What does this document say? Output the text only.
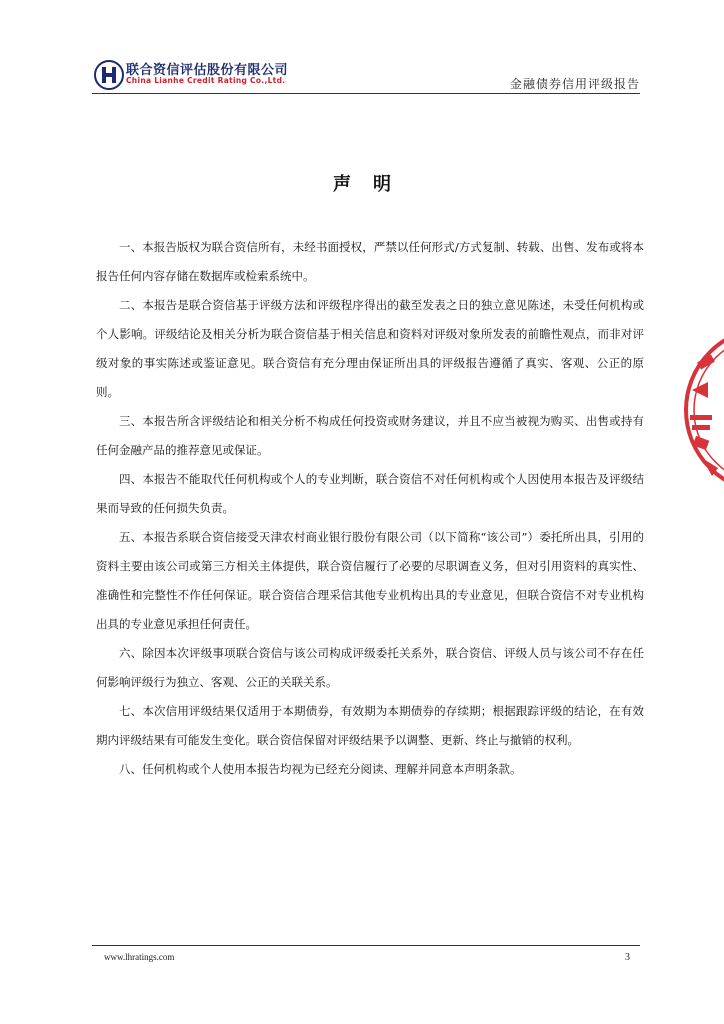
联合资信评估股份有限公司
China Lianhe Credit Rating Co.,Ltd.	金融债券信用评级报告
声明

一、本报告版权为联合资信所有，未经书面授权，严禁以任何形式/方式复制、转载、出售、发布或将本报告任何内容存储在数据库或检索系统中。

二、本报告是联合资信基于评级方法和评级程序得出的截至发表之日的独立意见陈述，未受任何机构或个人影响。评级结论及相关分析为联合资信基于相关信息和资料对评级对象所发表的前瞻性观点，而非对评级对象的事实陈述或鉴证意见。联合资信有充分理由保证所出具的评级报告遵循了真实、客观、公正的原则。

三、本报告所含评级结论和相关分析不构成任何投资或财务建议，并且不应当被视为购买、出售或持有任何金融产品的推荐意见或保证。

四、本报告不能取代任何机构或个人的专业判断，联合资信不对任何机构或个人因使用本报告及评级结果而导致的任何损失负责。

五、本报告系联合资信接受天津农村商业银行股份有限公司（以下简称“该公司”）委托所出具，引用的资料主要由该公司或第三方相关主体提供，联合资信履行了必要的尽职调查义务，但对引用资料的真实性、准确性和完整性不作任何保证。联合资信合理采信其他专业机构出具的专业意见，但联合资信不对专业机构出具的专业意见承担任何责任。

六、除因本次评级事项联合资信与该公司构成评级委托关系外，联合资信、评级人员与该公司不存在任何影响评级行为独立、客观、公正的关联关系。

七、本次信用评级结果仅适用于本期债券，有效期为本期债券的存续期；根据跟踪评级的结论，在有效期内评级结果有可能发生变化。联合资信保留对评级结果予以调整、更新、终止与撤销的权利。

八、任何机构或个人使用本报告均视为已经充分阅读、理解并同意本声明条款。

www.lhratings.com	3
